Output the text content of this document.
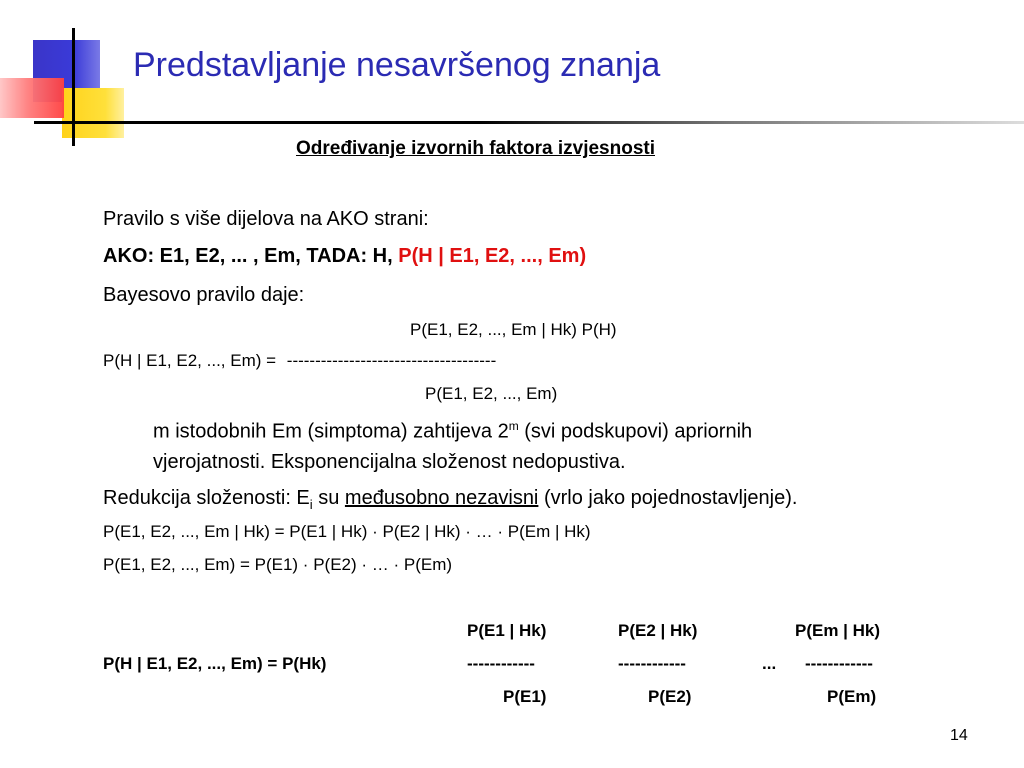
Predstavljanje nesavršenog znanja
Određivanje izvornih faktora izvjesnosti
Pravilo s više dijelova na AKO strani:
AKO: E1, E2, ... , Em, TADA: H, P(H | E1, E2, ..., Em)
Bayesovo pravilo daje:
P(E1, E2, ..., Em | Hk) P(H)
P(H | E1, E2, ..., Em) = -------------------------------------
P(E1, E2, ..., Em)
m istodobnih Em (simptoma) zahtijeva 2$^m$ (svi podskupovi) apriornih
vjerojatnosti. Eksponencijalna složenost nedopustiva.
Redukcija složenosti: $E_i$ su međusobno nezavisni (vrlo jako pojednostavljenje).
P(E1, E2, ..., Em | Hk) = P(E1 | Hk) · P(E2 | Hk) · … · P(Em | Hk)
P(E1, E2, ..., Em) = P(E1) · P(E2) · … · P(Em)
P(E1 | Hk)	P(E2 | Hk)	P(Em | Hk)
P(H | E1, E2, ..., Em) = P(Hk)	------------	------------	... ------------
P(E1)	P(E2)	P(Em)
14
